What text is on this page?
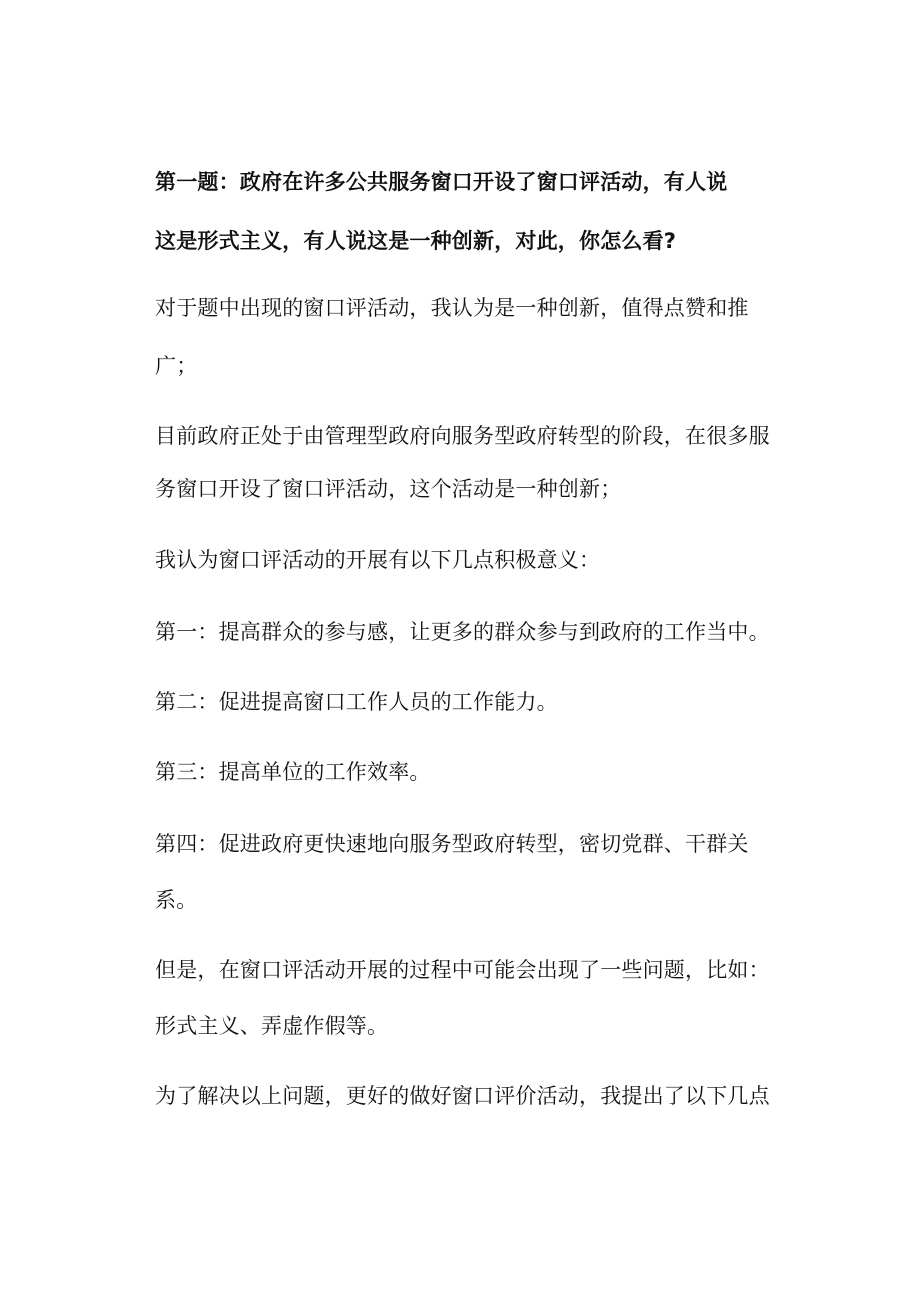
第一题：政府在许多公共服务窗口开设了窗口评活动，有人说
这是形式主义，有人说这是一种创新，对此，你怎么看?
对于题中出现的窗口评活动，我认为是一种创新，值得点赞和推
广；
目前政府正处于由管理型政府向服务型政府转型的阶段，在很多服
务窗口开设了窗口评活动，这个活动是一种创新；
我认为窗口评活动的开展有以下几点积极意义：
第一：提高群众的参与感，让更多的群众参与到政府的工作当中。
第二：促进提高窗口工作人员的工作能力。
第三：提高单位的工作效率。
第四：促进政府更快速地向服务型政府转型，密切党群、干群关
系。
但是，在窗口评活动开展的过程中可能会出现了一些问题，比如：
形式主义、弄虚作假等。
为了解决以上问题，更好的做好窗口评价活动，我提出了以下几点
